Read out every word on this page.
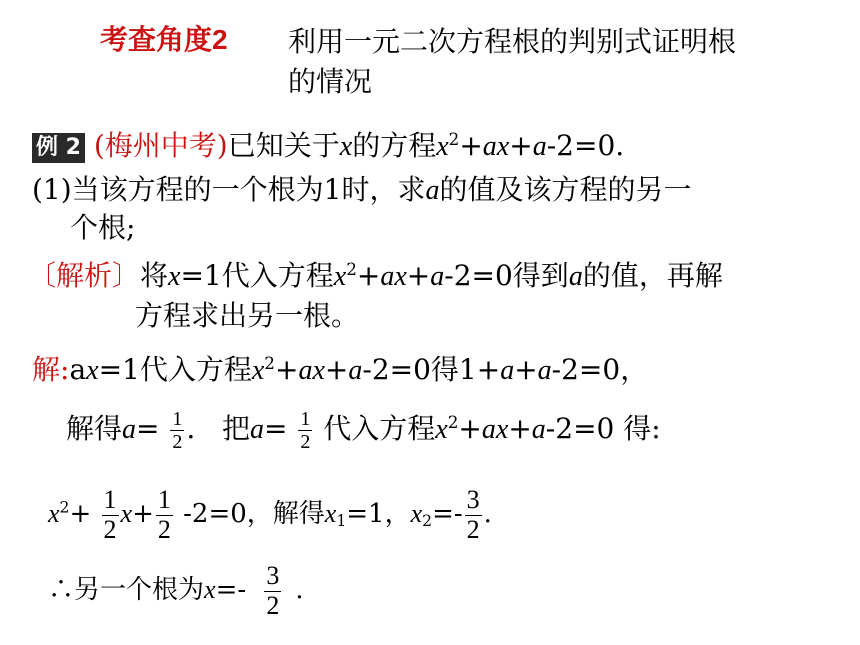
考查角度2 利用一元二次方程根的判别式证明根
的情况
例 2 (梅州中考)已知关于x的方程$x^2+ax+a-2=0$.
(1)当该方程的一个根为1时，求a的值及该方程的另一
个根;
〔解析〕将x=1代入方程$x^2+ax+a-2=0$得到a的值，再解
方程求出另一根。
解:ax=1代入方程$x^2+ax+a-2=0$得1+a+a-2=0，
解得$a= \frac{1}{2}$ .   把$a= \frac{1}{2}$ 代入方程$x^2+ax+a-2=0$ 得:
$x^2+ \frac{1}{2} x+ \frac{1}{2} -2=0$，解得$x_1=1$，$x_2=- \frac{3}{2}$ .
∴另一个根为$x=- \frac{3}{2}$ .
